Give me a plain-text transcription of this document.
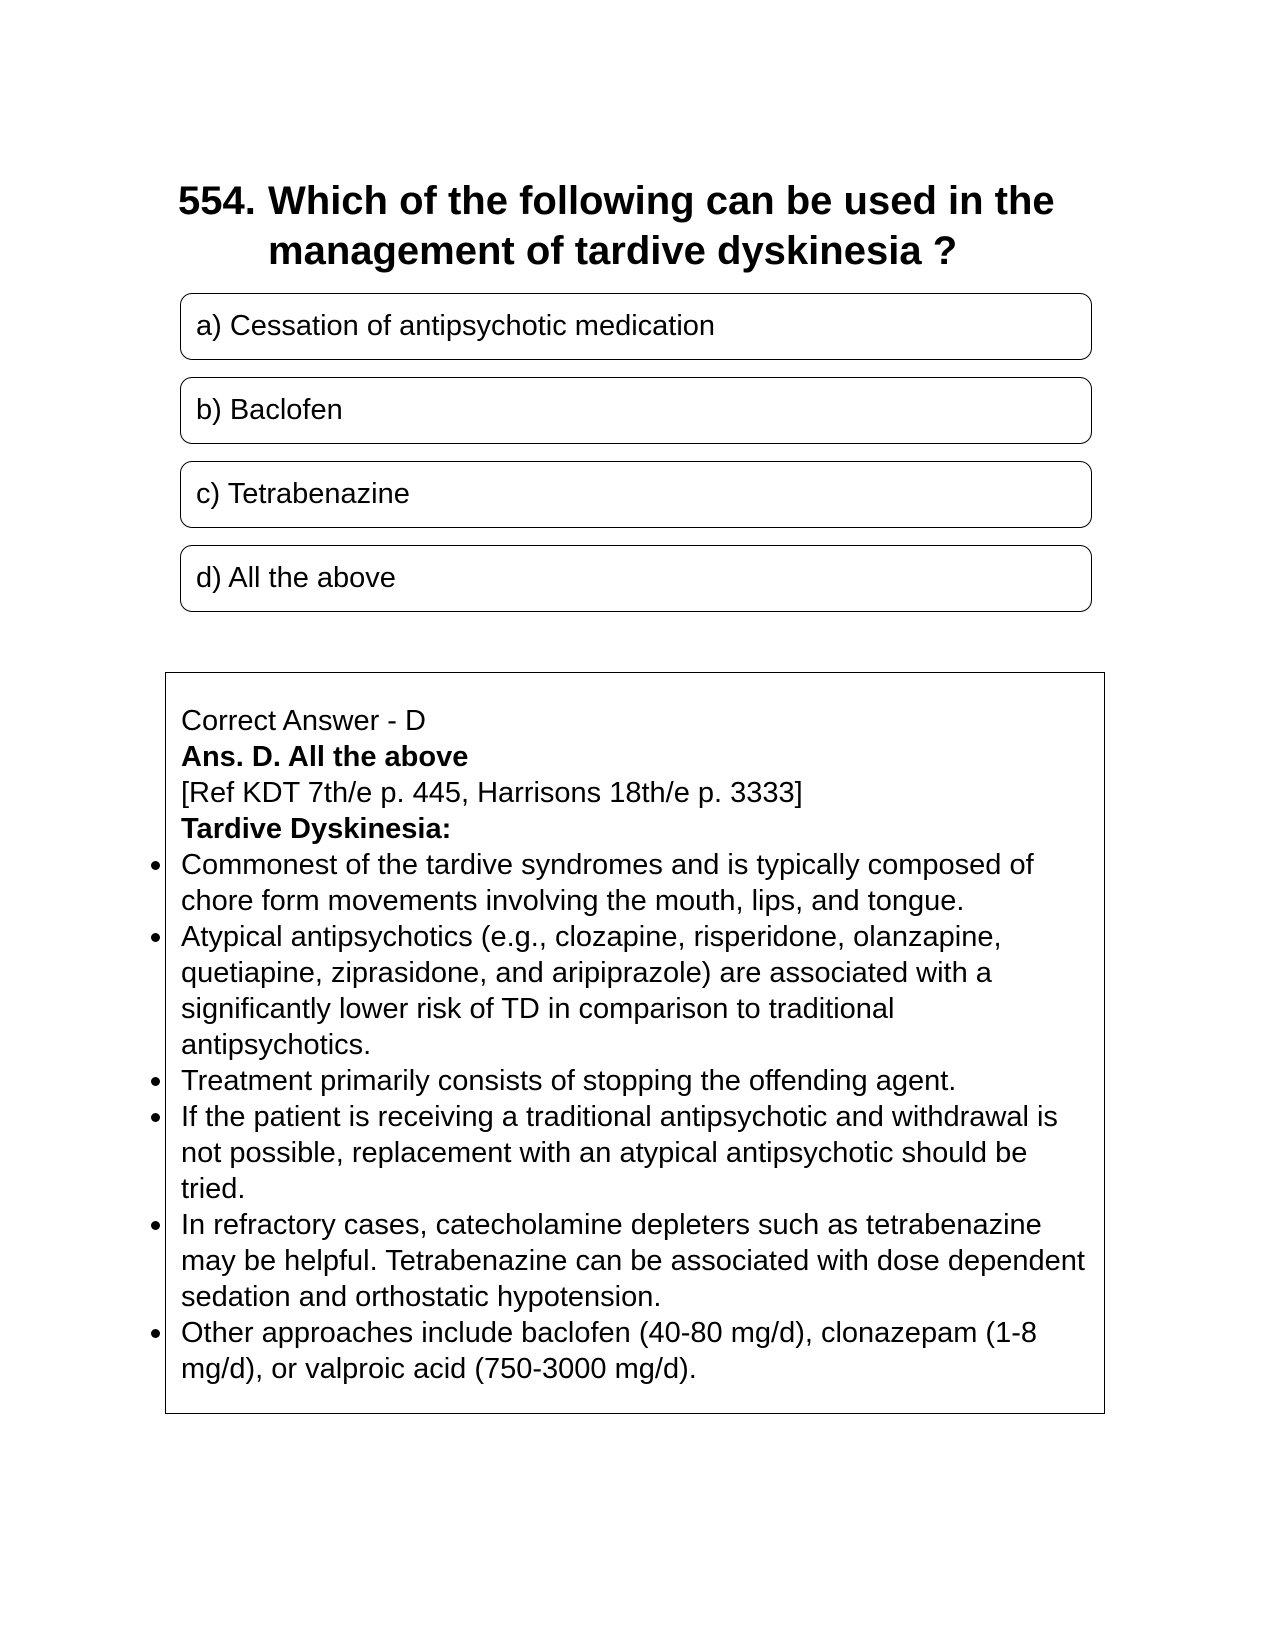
554. Which of the following can be used in the management of tardive dyskinesia ?
a) Cessation of antipsychotic medication
b) Baclofen
c) Tetrabenazine
d) All the above
Correct Answer - D
Ans. D. All the above
[Ref KDT 7th/e p. 445, Harrisons 18th/e p. 3333]
Tardive Dyskinesia:
Commonest of the tardive syndromes and is typically composed of chore form movements involving the mouth, lips, and tongue.
Atypical antipsychotics (e.g., clozapine, risperidone, olanzapine, quetiapine, ziprasidone, and aripiprazole) are associated with a significantly lower risk of TD in comparison to traditional antipsychotics.
Treatment primarily consists of stopping the offending agent.
If the patient is receiving a traditional antipsychotic and withdrawal is not possible, replacement with an atypical antipsychotic should be tried.
In refractory cases, catecholamine depleters such as tetrabenazine may be helpful. Tetrabenazine can be associated with dose dependent sedation and orthostatic hypotension.
Other approaches include baclofen (40-80 mg/d), clonazepam (1-8 mg/d), or valproic acid (750-3000 mg/d).
